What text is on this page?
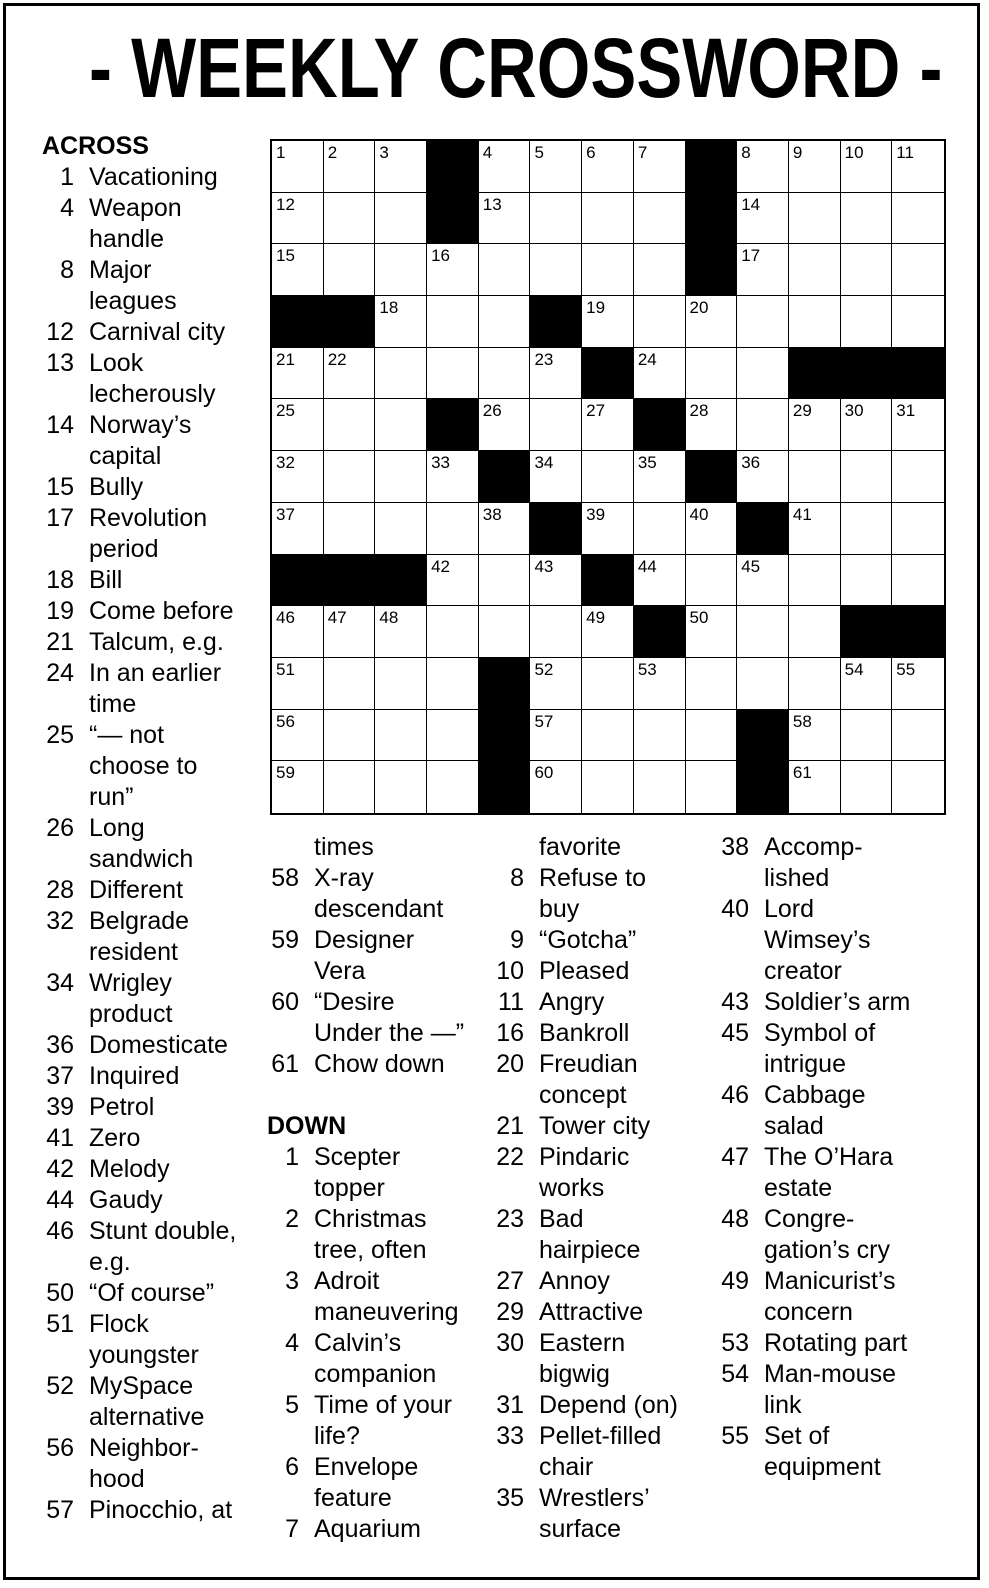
- WEEKLY CROSSWORD -
1 2 3	4 5 6 7	8 9 10 11
12	13	14
15	16	17
18	19	20
21 22	23	24
25	26	27	28	29 30 31
32	33	34	35	36
37	38	39	40	41
42	43	44	45
46 47 48	49	50
51	52	53	54 55
56	57	58
59	60	61
ACROSS
1 Vacationing
4 Weapon
handle
8 Major
leagues
12 Carnival city
13 Look
lecherously
14 Norway’s
capital
15 Bully
17 Revolution
period
18 Bill
19 Come before
21 Talcum, e.g.
24 In an earlier
time
25 “— not
choose to
run”
26 Long
sandwich
28 Different
32 Belgrade
resident
34 Wrigley
product
36 Domesticate
37 Inquired
39 Petrol
41 Zero
42 Melody
44 Gaudy
46 Stunt double,
e.g.
50 “Of course”
51 Flock
youngster
52 MySpace
alternative
56 Neighbor-
hood
57 Pinocchio, at
times
58 X-ray
descendant
59 Designer
Vera
60 “Desire
Under the —”
61 Chow down
DOWN
1 Scepter
topper
2 Christmas
tree, often
3 Adroit
maneuvering
4 Calvin’s
companion
5 Time of your
life?
6 Envelope
feature
7 Aquarium
favorite
8 Refuse to
buy
9 “Gotcha”
10 Pleased
11 Angry
16 Bankroll
20 Freudian
concept
21 Tower city
22 Pindaric
works
23 Bad
hairpiece
27 Annoy
29 Attractive
30 Eastern
bigwig
31 Depend (on)
33 Pellet-filled
chair
35 Wrestlers’
surface
38 Accomp-
lished
40 Lord
Wimsey’s
creator
43 Soldier’s arm
45 Symbol of
intrigue
46 Cabbage
salad
47 The O’Hara
estate
48 Congre-
gation’s cry
49 Manicurist’s
concern
53 Rotating part
54 Man-mouse
link
55 Set of
equipment
